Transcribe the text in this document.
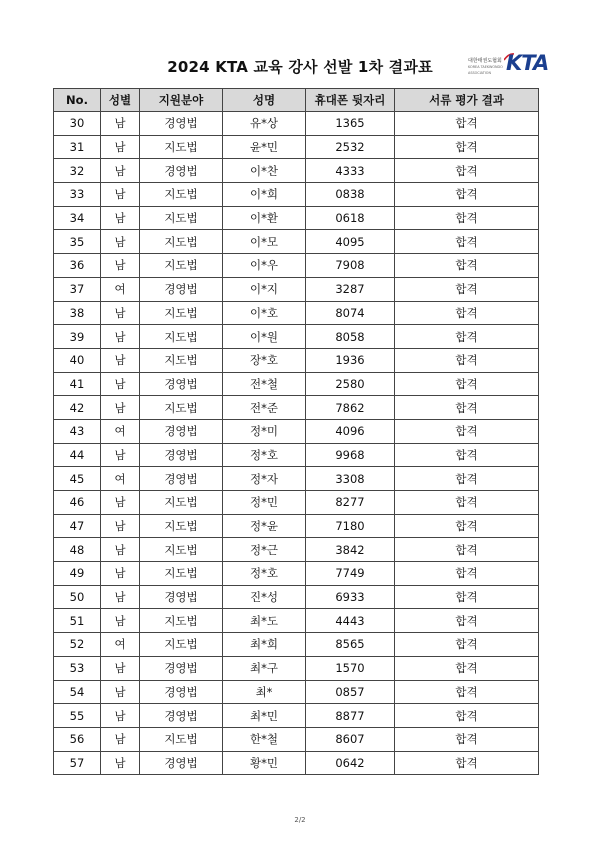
2024 KTA 교육 강사 선발 1차 결과표	대한태권도협회
KOREA TAEKWONDO ASSOCIATION KTA
No.	성별	지원분야	성명	휴대폰 뒷자리	서류 평가 결과
30	남	경영법	유*상	1365	합격
31	남	지도법	윤*민	2532	합격
32	남	경영법	이*찬	4333	합격
33	남	지도법	이*희	0838	합격
34	남	지도법	이*환	0618	합격
35	남	지도법	이*모	4095	합격
36	남	지도법	이*우	7908	합격
37	여	경영법	이*지	3287	합격
38	남	지도법	이*호	8074	합격
39	남	지도법	이*원	8058	합격
40	남	지도법	장*호	1936	합격
41	남	경영법	전*철	2580	합격
42	남	지도법	전*준	7862	합격
43	여	경영법	정*미	4096	합격
44	남	경영법	정*호	9968	합격
45	여	경영법	정*자	3308	합격
46	남	지도법	정*민	8277	합격
47	남	지도법	정*윤	7180	합격
48	남	지도법	정*근	3842	합격
49	남	지도법	정*호	7749	합격
50	남	경영법	진*성	6933	합격
51	남	지도법	최*도	4443	합격
52	여	지도법	최*희	8565	합격
53	남	경영법	최*구	1570	합격
54	남	경영법	최*	0857	합격
55	남	경영법	최*민	8877	합격
56	남	지도법	한*철	8607	합격
57	남	경영법	황*민	0642	합격
2/2
